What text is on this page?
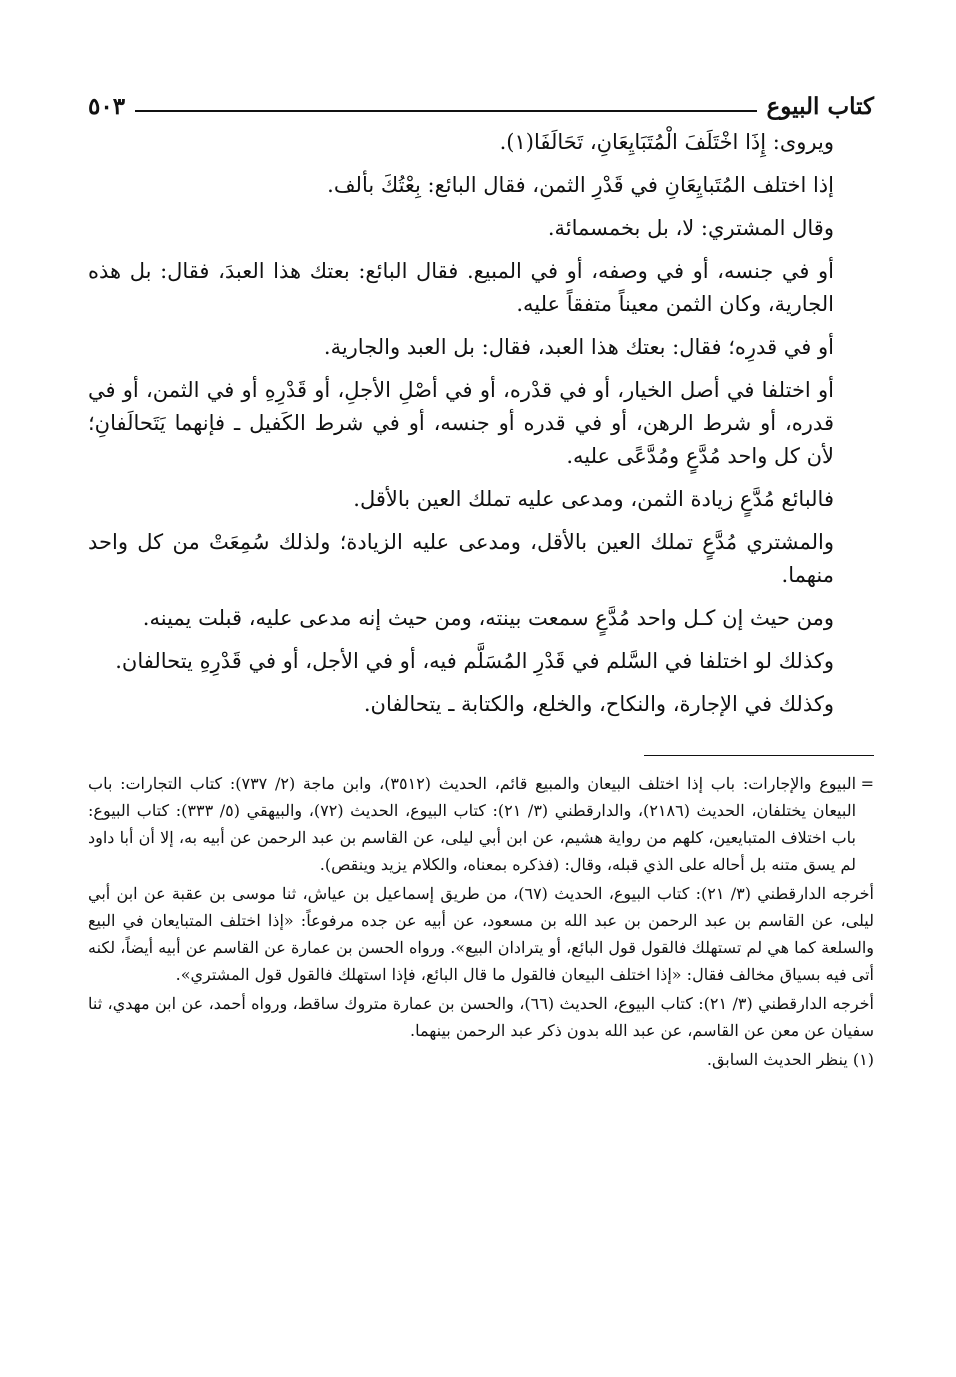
كتاب البيوع
٥٠٣

ويروى: إِذَا اخْتَلَفَ الْمُتَبَايِعَانِ، تَحَالَفَا(١).

إذا اختلف المُتَبايِعَانِ في قَدْرِ الثمن، فقال البائع: بِعْتُكَ بألف.

وقال المشتري: لا، بل بخمسمائة.

أو في جنسه، أو في وصفه، أو في المبيع. فقال البائع: بعتك هذا العبدَ، فقال: بل هذه الجارية، وكان الثمن معيناً متفقاً عليه.

أو في قدرِه؛ فقال: بعتك هذا العبد، فقال: بل العبد والجارية.

أو اختلفا في أصل الخيار، أو في قدْره، أو في أصْلِ الأجلِ، أو قَدْرِهِ أو في الثمن، أو في قدره، أو شرط الرهن، أو في قدره أو جنسه، أو في شرط الكَفيل ـ فإنهما يَتَحالَفانِ؛ لأن كل واحد مُدَّعٍ ومُدَّعًى عليه.

فالبائع مُدَّعٍ زيادة الثمن، ومدعى عليه تملك العين بالأقل.

والمشتري مُدَّعٍ تملك العين بالأقل، ومدعى عليه الزيادة؛ ولذلك سُمِعَتْ من كل واحد منهما.

ومن حيث إن كـل واحد مُدَّعٍ سمعت بينته، ومن حيث إنه مدعى عليه، قبلت يمينه.

وكذلك لو اختلفا في السَّلم في قَدْرِ المُسَلَّم فيه، أو في الأجل، أو في قَدْرِهِ يتحالفان.

وكذلك في الإجارة، والنكاح، والخلع، والكتابة ـ يتحالفان.

=
البيوع والإجارات: باب إذا اختلف البيعان والمبيع قائم، الحديث (٣٥١٢)، وابن ماجة (٢/ ٧٣٧): كتاب التجارات: باب البيعان يختلفان، الحديث (٢١٨٦)، والدارقطني (٣/ ٢١): كتاب البيوع، الحديث (٧٢)، والبيهقي (٥/ ٣٣٣): كتاب البيوع: باب اختلاف المتبايعين، كلهم من رواية هشيم، عن ابن أبي ليلى، عن القاسم بن عبد الرحمن عن أبيه به، إلا أن أبا داود لم يسق متنه بل أحاله على الذي قبله، وقال: (فذكره بمعناه، والكلام يزيد وينقص).

أخرجه الدارقطني (٣/ ٢١): كتاب البيوع، الحديث (٦٧)، من طريق إسماعيل بن عياش، ثنا موسى بن عقبة عن ابن أبي ليلى، عن القاسم بن عبد الرحمن بن عبد الله بن مسعود، عن أبيه عن جده مرفوعاً: «إذا اختلف المتبايعان في البيع والسلعة كما هي لم تستهلك فالقول قول البائع، أو يترادان البيع». ورواه الحسن بن عمارة عن القاسم عن أبيه أيضاً، لكنه أتى فيه بسياق مخالف فقال: «إذا اختلف البيعان فالقول ما قال البائع، فإذا استهلك فالقول قول المشتري».

أخرجه الدارقطني (٣/ ٢١): كتاب البيوع، الحديث (٦٦)، والحسن بن عمارة متروك ساقط، ورواه أحمد، عن ابن مهدي، ثنا سفيان عن معن عن القاسم، عن عبد الله بدون ذكر عبد الرحمن بينهما.

(١) ينظر الحديث السابق.
